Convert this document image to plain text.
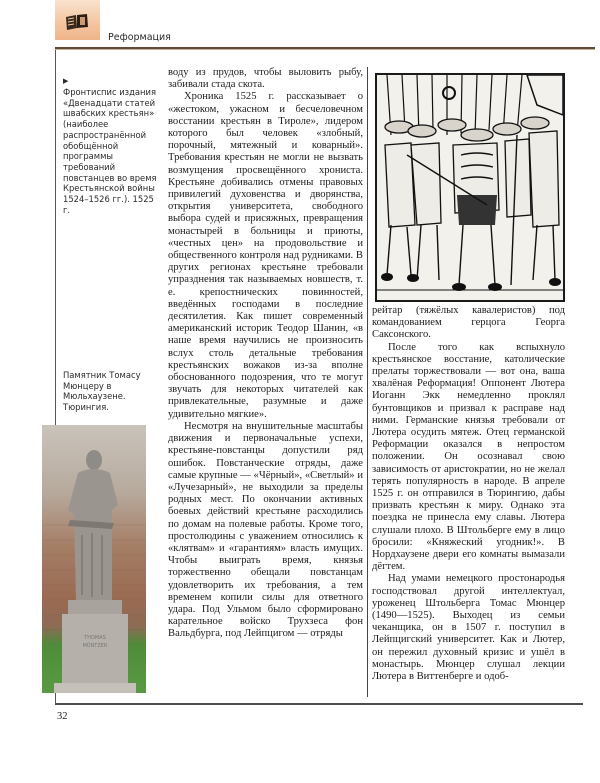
Реформация
▶
Фронтиспис издания «Двенадцати статей швабских крестьян» (наиболее распространённой обобщённой программы требований повстанцев во время Крестьянской войны 1524–1526 гг.). 1525 г.
Памятник Томасу Мюнцеру в Мюльхаузене. Тюрингия.
THOMAS
MÜNTZER

воду из прудов, чтобы выловить рыбу, забивали стада скота.

Хроника 1525 г. рассказывает о «жестоком, ужасном и бесчеловечном восстании крестьян в Тироле», лидером которого был человек «злобный, порочный, мятежный и коварный». Требования крестьян не могли не вызвать возмущения просвещённого хрониста. Крестьяне добивались отмены правовых привилегий духовенства и дворянства, открытия университета, свободного выбора судей и присяжных, превращения монастырей в больницы и приюты, «честных цен» на продовольствие и общественного контроля над рудниками. В других регионах крестьяне требовали упразднения так называемых новшеств, т. е. крепостнических повинностей, введённых господами в последние десятилетия. Как пишет современный американский историк Теодор Шанин, «в наше время научились не произносить вслух столь детальные требования крестьянских вожаков из-за вполне обоснованного подозрения, что те могут звучать для некоторых читателей как привлекательные, разумные и даже удивительно мягкие».

Несмотря на внушительные масштабы движения и первоначальные успехи, крестьяне-повстанцы допустили ряд ошибок. Повстанческие отряды, даже самые крупные — «Чёрный», «Светлый» и «Лучезарный», не выходили за пределы родных мест. По окончании активных боевых действий крестьяне расходились по домам на полевые работы. Кроме того, простолюдины с уважением относились к «клятвам» и «гарантиям» власть имущих. Чтобы выиграть время, князья торжественно обещали повстанцам удовлетворить их требования, а тем временем копили силы для ответного удара. Под Ульмом было сформировано карательное войско Трухзеса фон Вальдбурга, под Лейпцигом — отряды

рейтар (тяжёлых кавалеристов) под командованием герцога Георга Саксонского.

После того как вспыхнуло крестьянское восстание, католические прелаты торжествовали — вот она, ваша хвалёная Реформация! Оппонент Лютера Иоганн Экк немедленно проклял бунтовщиков и призвал к расправе над ними. Германские князья требовали от Лютера осудить мятеж. Отец германской Реформации оказался в непростом положении. Он осознавал свою зависимость от аристократии, но не желал терять популярность в народе. В апреле 1525 г. он отправился в Тюрингию, дабы призвать крестьян к миру. Однако эта поездка не принесла ему славы. Лютера слушали плохо. В Штольберге ему в лицо бросили: «Княжеский угодник!». В Нордхаузене двери его комнаты вымазали дёгтем.

Над умами немецкого простонародья господствовал другой интеллектуал, уроженец Штольберга Томас Мюнцер (1490—1525). Выходец из семьи чеканщика, он в 1507 г. поступил в Лейпцигский университет. Как и Лютер, он пережил духовный кризис и ушёл в монастырь. Мюнцер слушал лекции Лютера в Виттенберге и одоб-

32
